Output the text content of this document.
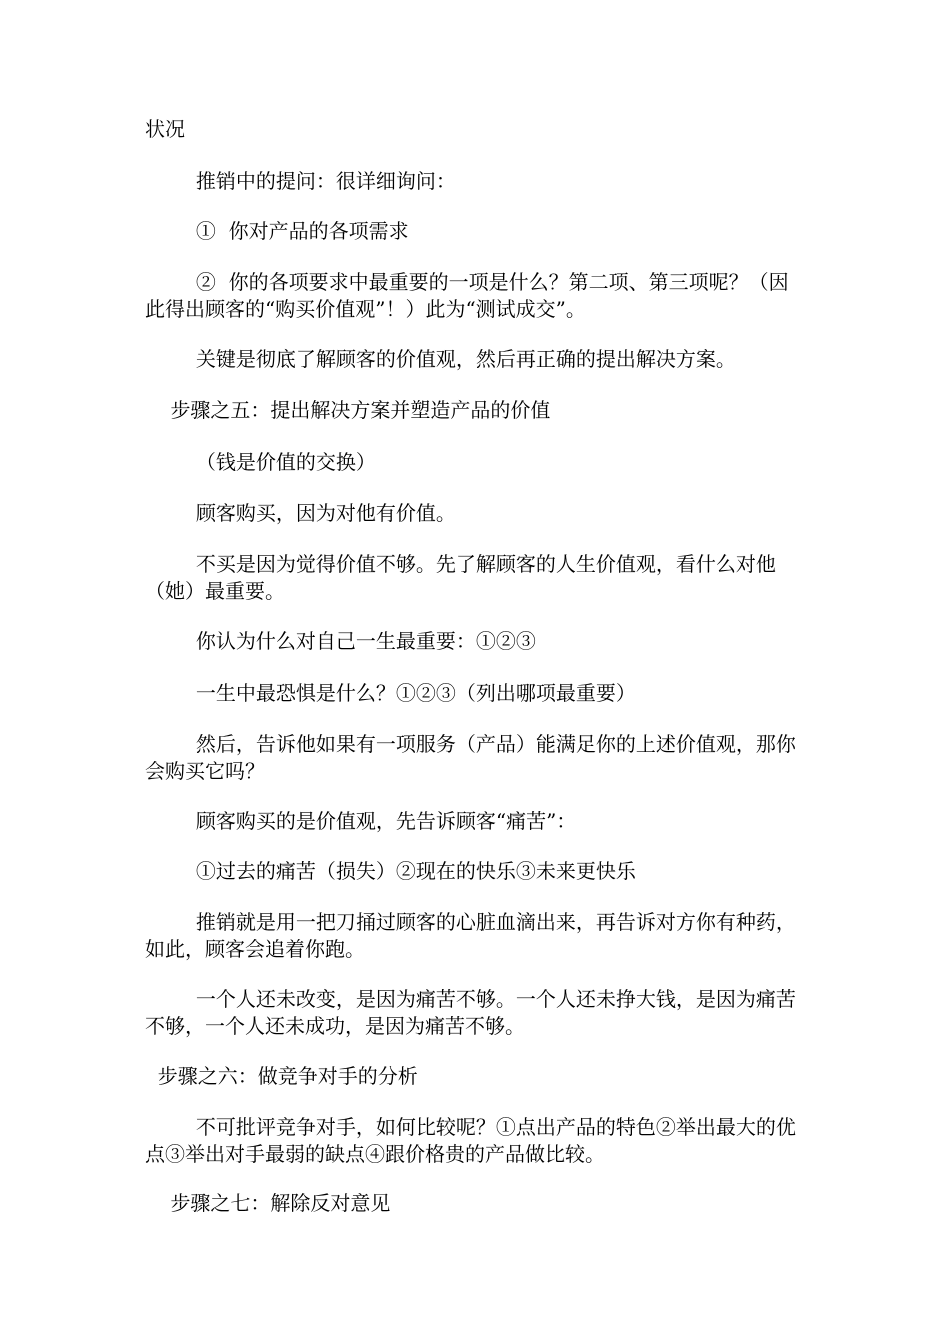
状况

推销中的提问：很详细询问：

①  你对产品的各项需求

②  你的各项要求中最重要的一项是什么？第二项、第三项呢？（因此得出顾客的“购买价值观”！）此为“测试成交”。

关键是彻底了解顾客的价值观，然后再正确的提出解决方案。

步骤之五：提出解决方案并塑造产品的价值

（钱是价值的交换）

顾客购买，因为对他有价值。

不买是因为觉得价值不够。先了解顾客的人生价值观，看什么对他（她）最重要。

你认为什么对自己一生最重要：①②③

一生中最恐惧是什么？①②③（列出哪项最重要）

然后，告诉他如果有一项服务（产品）能满足你的上述价值观，那你会购买它吗？

顾客购买的是价值观，先告诉顾客“痛苦”：

①过去的痛苦（损失）②现在的快乐③未来更快乐

推销就是用一把刀捅过顾客的心脏血滴出来，再告诉对方你有种药，如此，顾客会追着你跑。

一个人还未改变，是因为痛苦不够。一个人还未挣大钱，是因为痛苦不够，一个人还未成功，是因为痛苦不够。

步骤之六：做竞争对手的分析

不可批评竞争对手，如何比较呢？①点出产品的特色②举出最大的优点③举出对手最弱的缺点④跟价格贵的产品做比较。

步骤之七：解除反对意见
